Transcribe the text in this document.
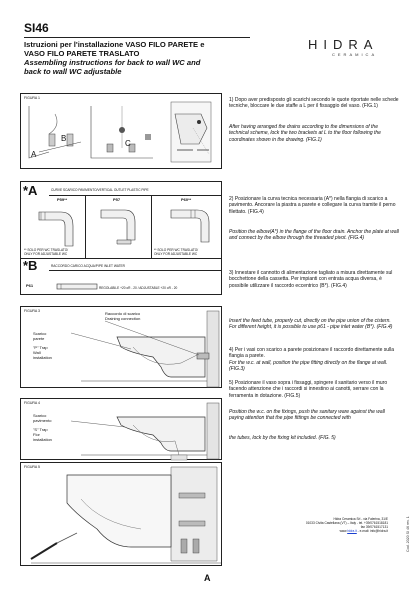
SI46
Istruzioni per l'installazione VASO FILO PARETE e
VASO FILO PARETE TRASLATO
Assembling instructions for back to wall WC and
back to wall WC adjustable
HIDRA
CERAMICA
FIGURA 1
A
B
C
1) Dopo aver predisposto gli scarichi secondo le quote riportate nelle schede tecniche, bloccare le due staffe a L per il fissaggio del vaso. (FIG.1)
After having arranged the drains according to the dimensions of the technical scheme, lock the two brackets at L to the floor following the coordinates shown in the drawing. (FIG.1)
2) Posizionare la curva tecnica necessaria (A*) nella flangia di scarico a pavimento. Ancorare la piastra a parete e collegare la curva tramite il perno filettato. (FIG.4)
Position the elbow(A*) in the flange of the floor drain. Anchor the plate at wall and connect by the elbow through the threaded pivot. (FIG.4)
3) Innestare il cannotto di alimentazione tagliato a misura direttamente sul bocchettone della cassetta. Per impianti con entrata acqua diversa, è possibile utilizzare il raccordo eccentrico (B*). (FIG.4)
Insert the feed tube, properly cut, directly on the pipe union of the cistern. For different height, it is possible to use p61 - pipe inlet water (B*). (FIG.4)
4) Per i vasi con scarico a parete posizionare il raccordo direttamente sulla flangia a parete.
For the w.c. at wall, position the pipe fitting directly on the flange at wall. (FIG.3)
5) Posizionare il vaso sopra i fissaggi, spingere il sanitario verso il muro facendo attenzione che i raccordi si innestino ai canotti, serrare con la ferramenta in dotazione. (FIG.5)
Position the w.c. on the fixings, push the sanitary ware against the wall paying attention that the pipe fittings be connected with
the tubes, lock by the fixing kit included. (FIG. 5)
*A	CURVE SCARICO PAVIMENTO/VERTICAL OUTLET PLASTIC PIPE
P59**	P57	P60**
** SOLO PER WC TRASLATO/
ONLY FOR ADJUSTABLE WC
** SOLO PER WC TRASLATO/
ONLY FOR ADJUSTABLE WC
*B	RACCORDO CARICO ACQUA/PIPE INLET WATER
P61	REGOLABILE +20 oR - 20 / ADJUSTABLE +20 oR - 20
FIGURA 3	Raccordo di scarico
Draining connection
Scarico
parete
"P" Trap
Wall
installation
FIGURA 4
Scarico
pavimento
"S" Trap
Flor
installation
FIGURA 5
Hidra Ceramica Srl - via Falerina, 31/E
01033 Civita Castellana (VT) – Italy - tel. +39/0761518181
fax 39/0761517131
www.hidra.it - e-mail: info@hidra.it	Cod. 2020 SI 46 rev. 1
A
